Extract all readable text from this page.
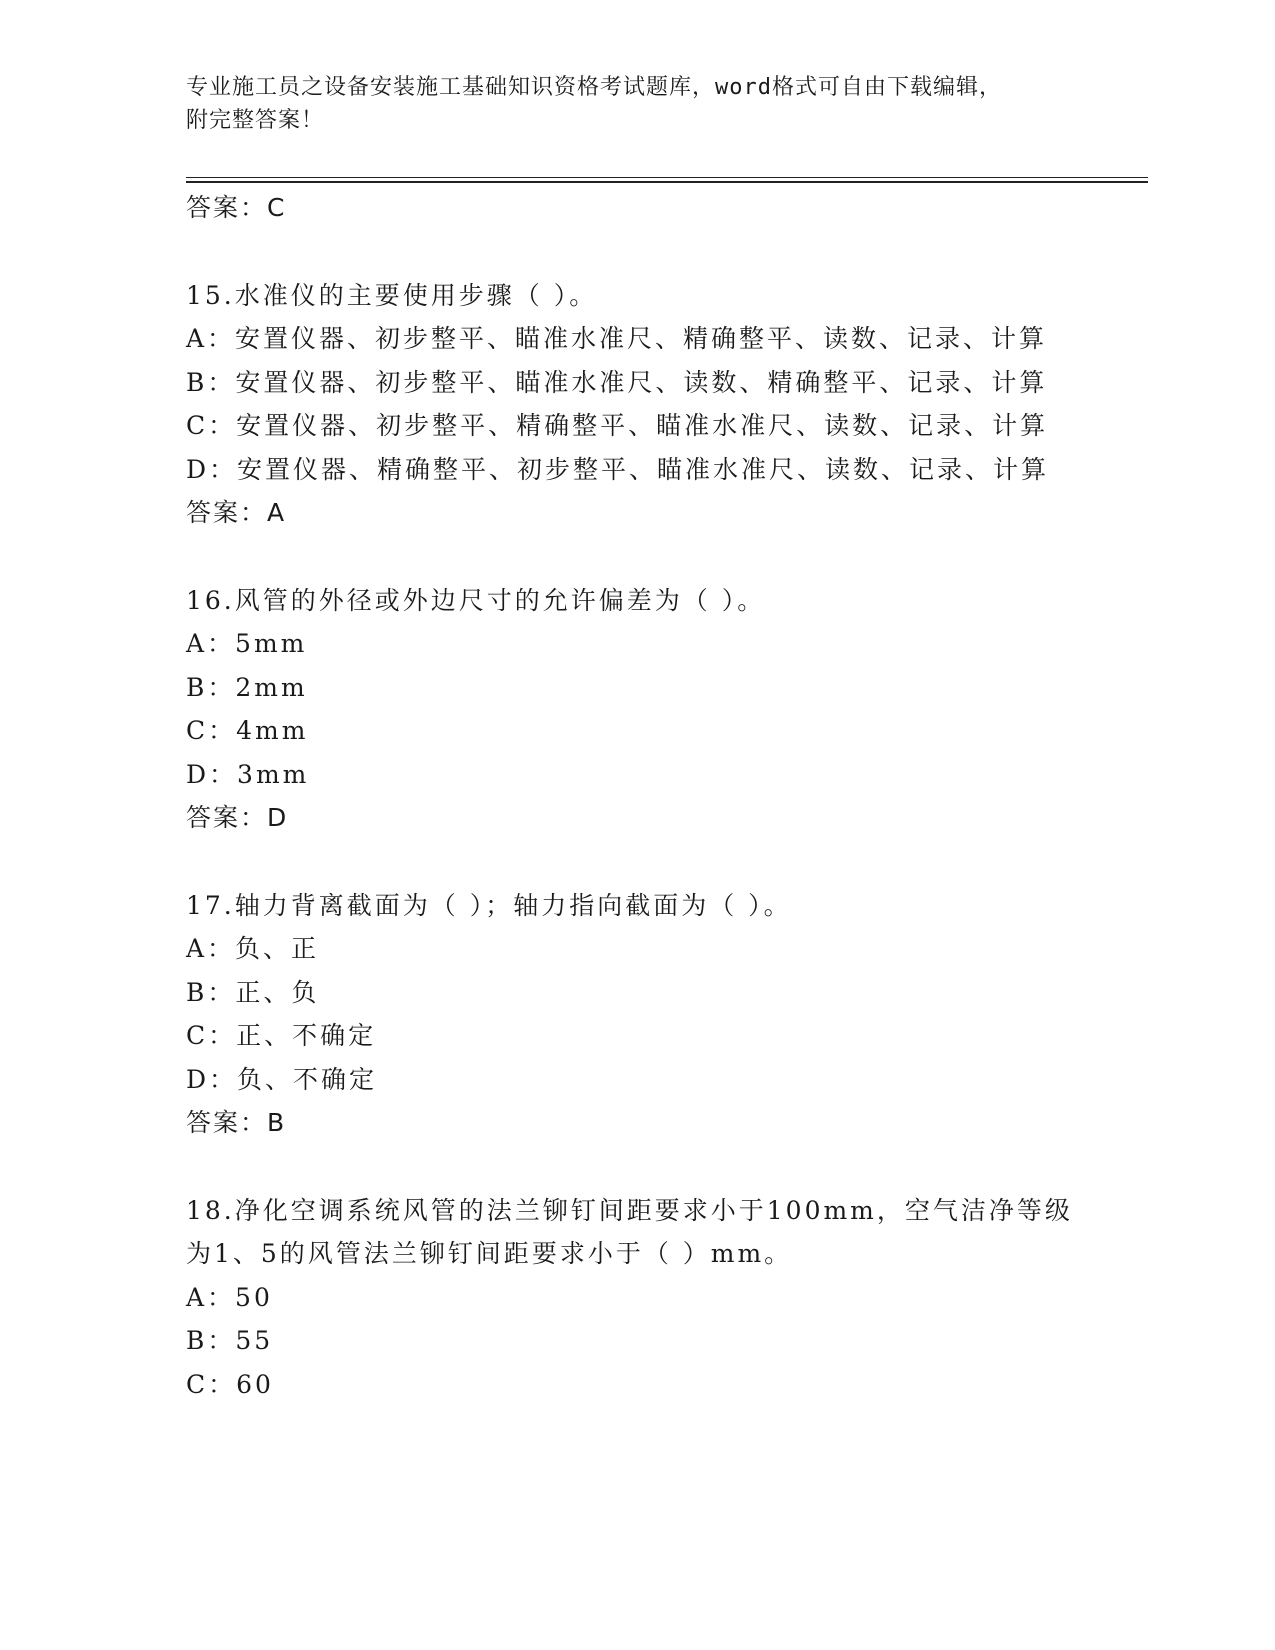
专业施工员之设备安装施工基础知识资格考试题库，word格式可自由下载编辑，
附完整答案！
答案：C
15.水准仪的主要使用步骤（ ）。
A：安置仪器、初步整平、瞄准水准尺、精确整平、读数、记录、计算
B：安置仪器、初步整平、瞄准水准尺、读数、精确整平、记录、计算
C：安置仪器、初步整平、精确整平、瞄准水准尺、读数、记录、计算
D：安置仪器、精确整平、初步整平、瞄准水准尺、读数、记录、计算
答案：A
16.风管的外径或外边尺寸的允许偏差为（ ）。
A：5mm
B：2mm
C：4mm
D：3mm
答案：D
17.轴力背离截面为（ ）；轴力指向截面为（ ）。
A：负、正
B：正、负
C：正、不确定
D：负、不确定
答案：B
18.净化空调系统风管的法兰铆钉间距要求小于100mm，空气洁净等级
为1、5的风管法兰铆钉间距要求小于（ ）mm。
A：50
B：55
C：60
